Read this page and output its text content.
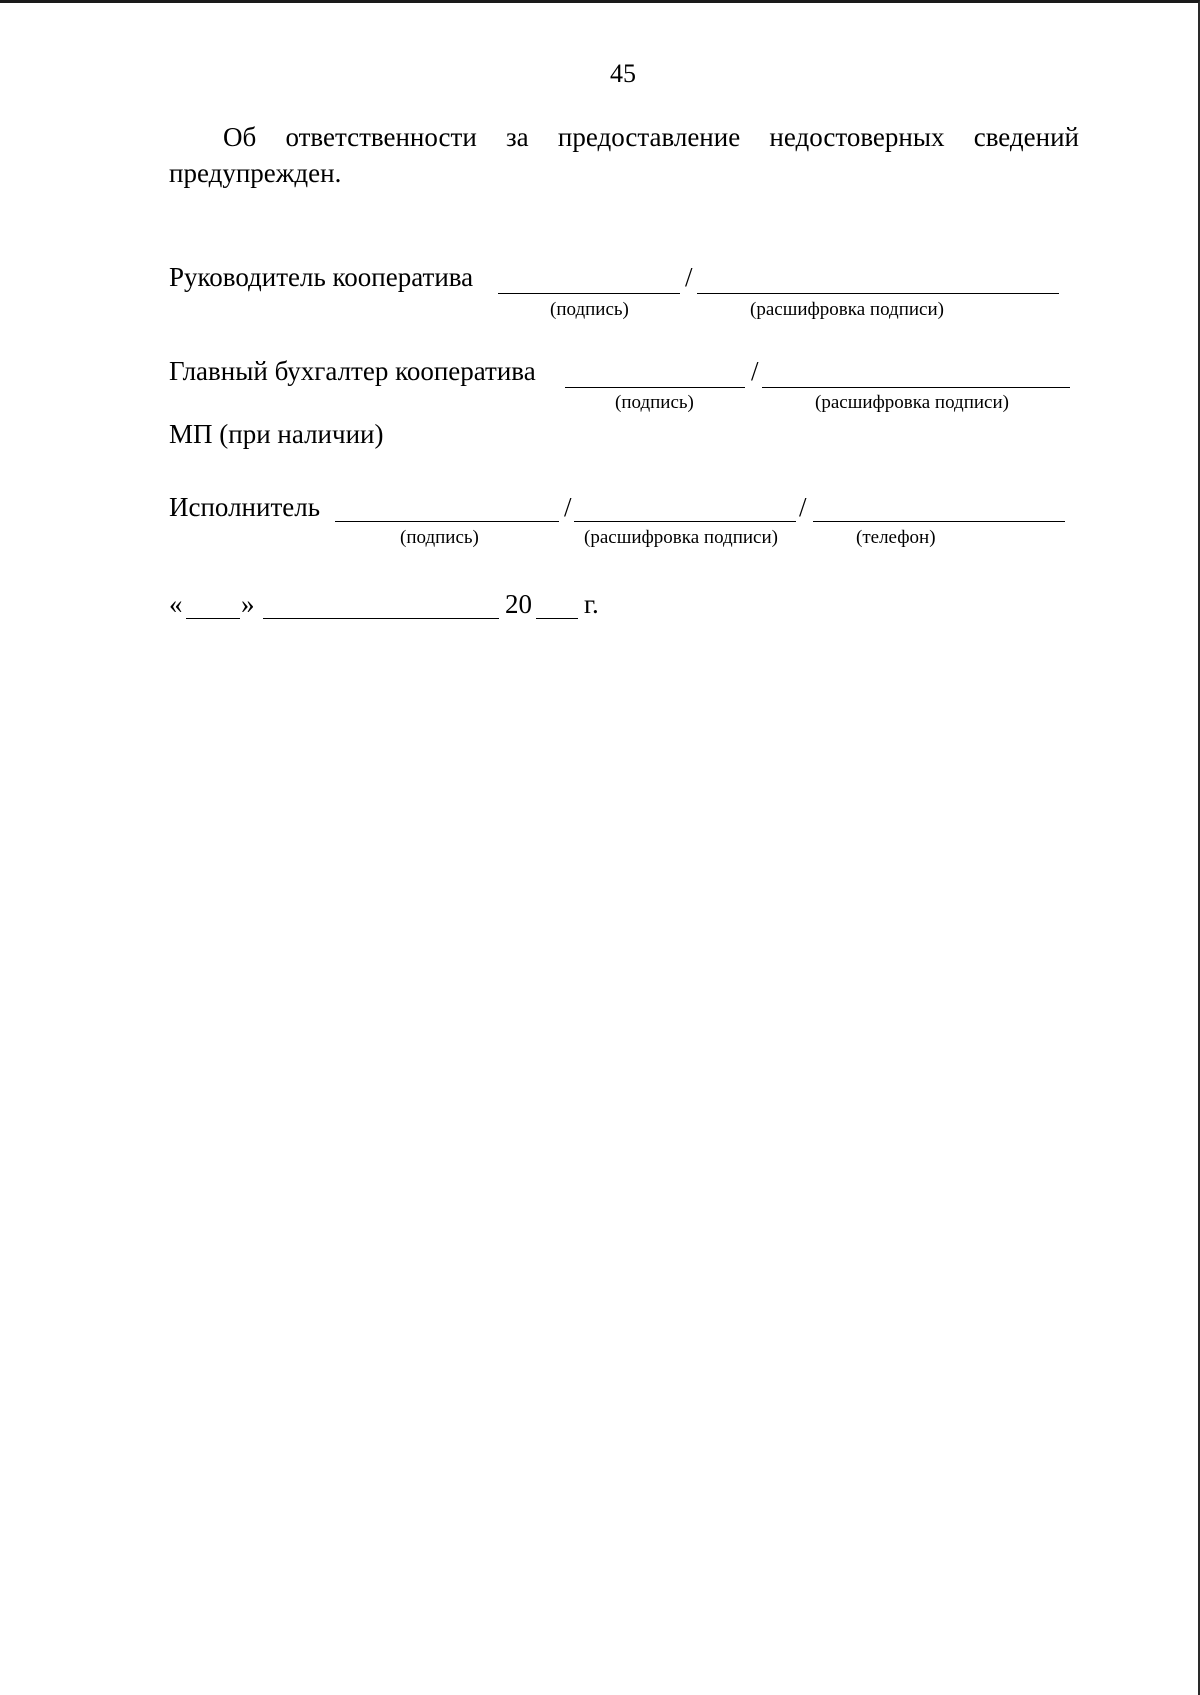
45
Об ответственности за предоставление недостоверных сведений предупрежден.
Руководитель кооператива	/
(подпись)	(расшифровка подписи)
Главный бухгалтер кооператива	/
(подпись)	(расшифровка подписи)
МП (при наличии)
Исполнитель	/	/
(подпись)	(расшифровка подписи)	(телефон)
« »	20 г.
